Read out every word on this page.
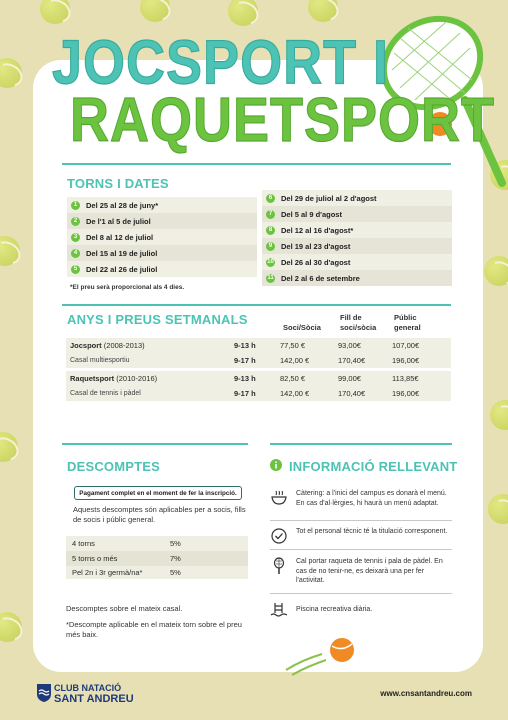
JOCSPORT I
RAQUETSPORT
TORNS I DATES
1	Del 25 al 28 de juny*
2	De l'1 al 5 de juliol
3	Del 8 al 12 de juliol
4	Del 15 al 19 de juliol
5	Del 22 al 26 de juliol
6	Del 29 de juliol al 2 d'agost
7	Del 5 al 9 d'agost
8	Del 12 al 16 d'agost*
9	Del 19 al 23 d'agost
10 Del 26 al 30 d'agost
11 Del 2 al 6 de setembre
*El preu serà proporcional als 4 dies.
ANYS I PREUS SETMANALS
Soci/Sòcia
Fill de soci/sòcia
Públic general
Jocsport (2008-2013)	9-13 h	77,50 €	93,00€	107,00€
Casal multiesportiu	9-17 h	142,00 €	170,40€	196,00€

Raquetsport (2010-2016)	9-13 h	82,50 €	99,00€	113,85€
Casal de tennis i pàdel	9-17 h	142,00 €	170,40€	196,00€
DESCOMPTES
Pagament complet en el moment de fer la inscripció.
Aquests descomptes són aplicables per a socis, fills de socis i públic general.
4 torns	5%
5 torns o més	7%
Pel 2n i 3r germà/na*	5%
Descomptes sobre el mateix casal.
*Descompte aplicable en el mateix torn sobre el preu més baix.
INFORMACIÓ RELLEVANT
Càtering: a l'inici del campus es donarà el menú. En cas d'al·lèrgies, hi haurà un menú adaptat.
Tot el personal tècnic té la titulació corresponent.
Cal portar raqueta de tennis i pala de pàdel. En cas de no tenir-ne, es deixarà una per fer l'activitat.
Piscina recreativa diària.
CLUB NATACIÓ
SANT ANDREU	www.cnsantandreu.com
